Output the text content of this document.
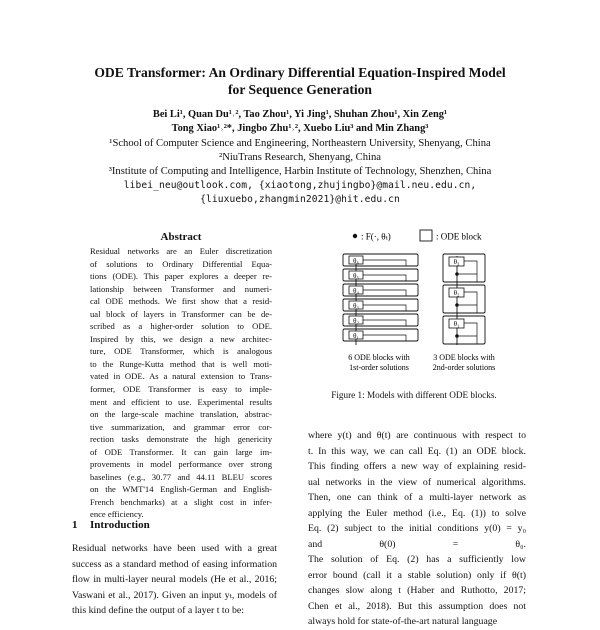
ODE Transformer: An Ordinary Differential Equation-Inspired Model
for Sequence Generation
Bei Li¹, Quan Du¹˒², Tao Zhou¹, Yi Jing¹, Shuhan Zhou¹, Xin Zeng¹
Tong Xiao¹˒²*, Jingbo Zhu¹˒², Xuebo Liu³ and Min Zhang³
¹School of Computer Science and Engineering, Northeastern University, Shenyang, China
²NiuTrans Research, Shenyang, China
³Institute of Computing and Intelligence, Harbin Institute of Technology, Shenzhen, China
libei_neu@outlook.com, {xiaotong,zhujingbo}@mail.neu.edu.cn,
{liuxuebo,zhangmin2021}@hit.edu.cn
Abstract
Residual networks are an Euler discretization
of solutions to Ordinary Differential Equa-
tions (ODE). This paper explores a deeper re-
lationship between Transformer and numeri-
cal ODE methods. We first show that a resid-
ual block of layers in Transformer can be de-
scribed as a higher-order solution to ODE.
Inspired by this, we design a new architec-
ture, ODE Transformer, which is analogous
to the Runge-Kutta method that is well moti-
vated in ODE. As a natural extension to Trans-
former, ODE Transformer is easy to imple-
ment and efficient to use. Experimental results
on the large-scale machine translation, abstrac-
tive summarization, and grammar error cor-
rection tasks demonstrate the high genericity
of ODE Transformer. It can gain large im-
provements in model performance over strong
baselines (e.g., 30.77 and 44.11 BLEU scores
on the WMT'14 English-German and English-
French benchmarks) at a slight cost in infer-
ence efficiency.
1 Introduction
Residual networks have been used with a great
success as a standard method of easing information
flow in multi-layer neural models (He et al., 2016;
Vaswani et al., 2017). Given an input yₜ, models of
this kind define the output of a layer t to be:
: F(·, θₜ)	: ODE block
θ₆
θ₅
θ₄
θ₃
θ₂
θ₁
θ₃
θ₂
θ₁
6 ODE blocks with
1st-order solutions
3 ODE blocks with
2nd-order solutions
Figure 1: Models with different ODE blocks.
where y(t) and θ(t) are continuous with respect to
t. In this way, we can call Eq. (1) an ODE block.
This finding offers a new way of explaining resid-
ual networks in the view of numerical algorithms.
Then, one can think of a multi-layer network as
applying the Euler method (i.e., Eq. (1)) to solve
Eq. (2) subject to the initial conditions y(0) = y₀
and θ(0) = θ₀.
The solution of Eq. (2) has a sufficiently low
error bound (call it a stable solution) only if θ(t)
changes slow along t (Haber and Ruthotto, 2017;
Chen et al., 2018). But this assumption does not
always hold for state-of-the-art natural language
